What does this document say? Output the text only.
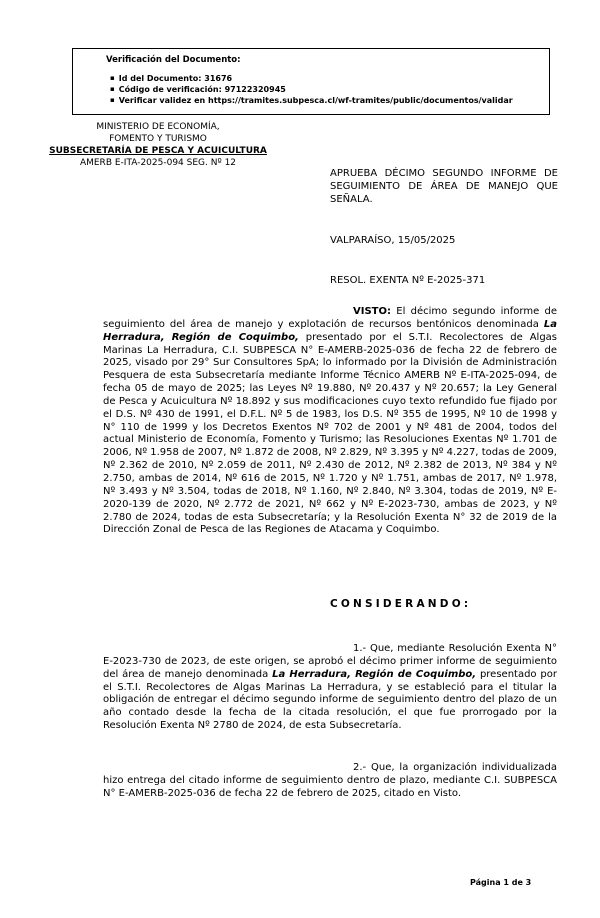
Verificación del Documento:
▪ Id del Documento: 31676
▪ Código de verificación: 97122320945
▪ Verificar validez en https://tramites.subpesca.cl/wf-tramites/public/documentos/validar
MINISTERIO DE ECONOMÍA,
FOMENTO Y TURISMO
SUBSECRETARÍA DE PESCA Y ACUICULTURA
AMERB E-ITA-2025-094 SEG. Nº 12
APRUEBA DÉCIMO SEGUNDO INFORME DE SEGUIMIENTO DE ÁREA DE MANEJO QUE SEÑALA.
VALPARAÍSO, 15/05/2025
RESOL. EXENTA Nº E-2025-371
VISTO: El décimo segundo informe de seguimiento del área de manejo y explotación de recursos bentónicos denominada La Herradura, Región de Coquimbo, presentado por el S.T.I. Recolectores de Algas Marinas La Herradura, C.I. SUBPESCA N° E-AMERB-2025-036 de fecha 22 de febrero de 2025, visado por 29° Sur Consultores SpA; lo informado por la División de Administración Pesquera de esta Subsecretaría mediante Informe Técnico AMERB Nº E-ITA-2025-094, de fecha 05 de mayo de 2025; las Leyes Nº 19.880, Nº 20.437 y Nº 20.657; la Ley General de Pesca y Acuicultura Nº 18.892 y sus modificaciones cuyo texto refundido fue fijado por el D.S. Nº 430 de 1991, el D.F.L. Nº 5 de 1983, los D.S. Nº 355 de 1995, Nº 10 de 1998 y N° 110 de 1999 y los Decretos Exentos Nº 702 de 2001 y Nº 481 de 2004, todos del actual Ministerio de Economía, Fomento y Turismo; las Resoluciones Exentas Nº 1.701 de 2006, Nº 1.958 de 2007, Nº 1.872 de 2008, Nº 2.829, Nº 3.395 y Nº 4.227, todas de 2009, Nº 2.362 de 2010, Nº 2.059 de 2011, Nº 2.430 de 2012, Nº 2.382 de 2013, Nº 384 y Nº 2.750, ambas de 2014, Nº 616 de 2015, Nº 1.720 y Nº 1.751, ambas de 2017, Nº 1.978, Nº 3.493 y Nº 3.504, todas de 2018, Nº 1.160, Nº 2.840, Nº 3.304, todas de 2019, Nº E-2020-139 de 2020, Nº 2.772 de 2021, Nº 662 y Nº E-2023-730, ambas de 2023, y Nº 2.780 de 2024, todas de esta Subsecretaría; y la Resolución Exenta N° 32 de 2019 de la Dirección Zonal de Pesca de las Regiones de Atacama y Coquimbo.
CONSIDERANDO:
1.- Que, mediante Resolución Exenta N° E-2023-730 de 2023, de este origen, se aprobó el décimo primer informe de seguimiento del área de manejo denominada La Herradura, Región de Coquimbo, presentado por el S.T.I. Recolectores de Algas Marinas La Herradura, y se estableció para el titular la obligación de entregar el décimo segundo informe de seguimiento dentro del plazo de un año contado desde la fecha de la citada resolución, el que fue prorrogado por la Resolución Exenta Nº 2780 de 2024, de esta Subsecretaría.
2.- Que, la organización individualizada hizo entrega del citado informe de seguimiento dentro de plazo, mediante C.I. SUBPESCA N° E-AMERB-2025-036 de fecha 22 de febrero de 2025, citado en Visto.
Página 1 de 3
